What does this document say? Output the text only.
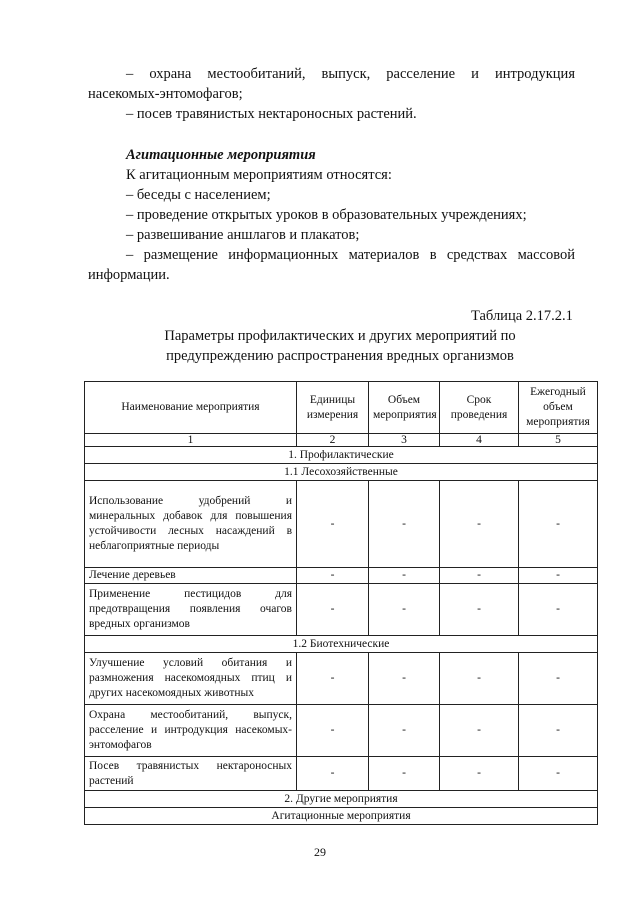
– охрана местообитаний, выпуск, расселение и интродукция
насекомых-энтомофагов;
– посев травянистых нектароносных растений.
Агитационные мероприятия
К агитационным мероприятиям относятся:
– беседы с населением;
– проведение открытых уроков в образовательных учреждениях;
– развешивание аншлагов и плакатов;
– размещение информационных материалов в средствах массовой
информации.
Таблица 2.17.2.1
Параметры профилактических и других мероприятий по
предупреждению распространения вредных организмов
Наименование мероприятия	Единицы измерения	Объем мероприятия	Срок проведения	Ежегодный объем мероприятия
1	2	3	4	5
1. Профилактические				
1.1 Лесохозяйственные				
Использование удобрений и минеральных добавок для повышения устойчивости лесных насаждений в неблагоприятные периоды	-	-	-	-
Лечение деревьев	-	-	-	-
Применение пестицидов для предотвращения появления очагов вредных организмов	-	-	-	-
1.2 Биотехнические				
Улучшение условий обитания и размножения насекомоядных птиц и других насекомоядных животных	-	-	-	-
Охрана местообитаний, выпуск, расселение и интродукция насекомых-энтомофагов	-	-	-	-
Посев травянистых нектароносных растений	-	-	-	-
2. Другие мероприятия				
Агитационные мероприятия				
29
